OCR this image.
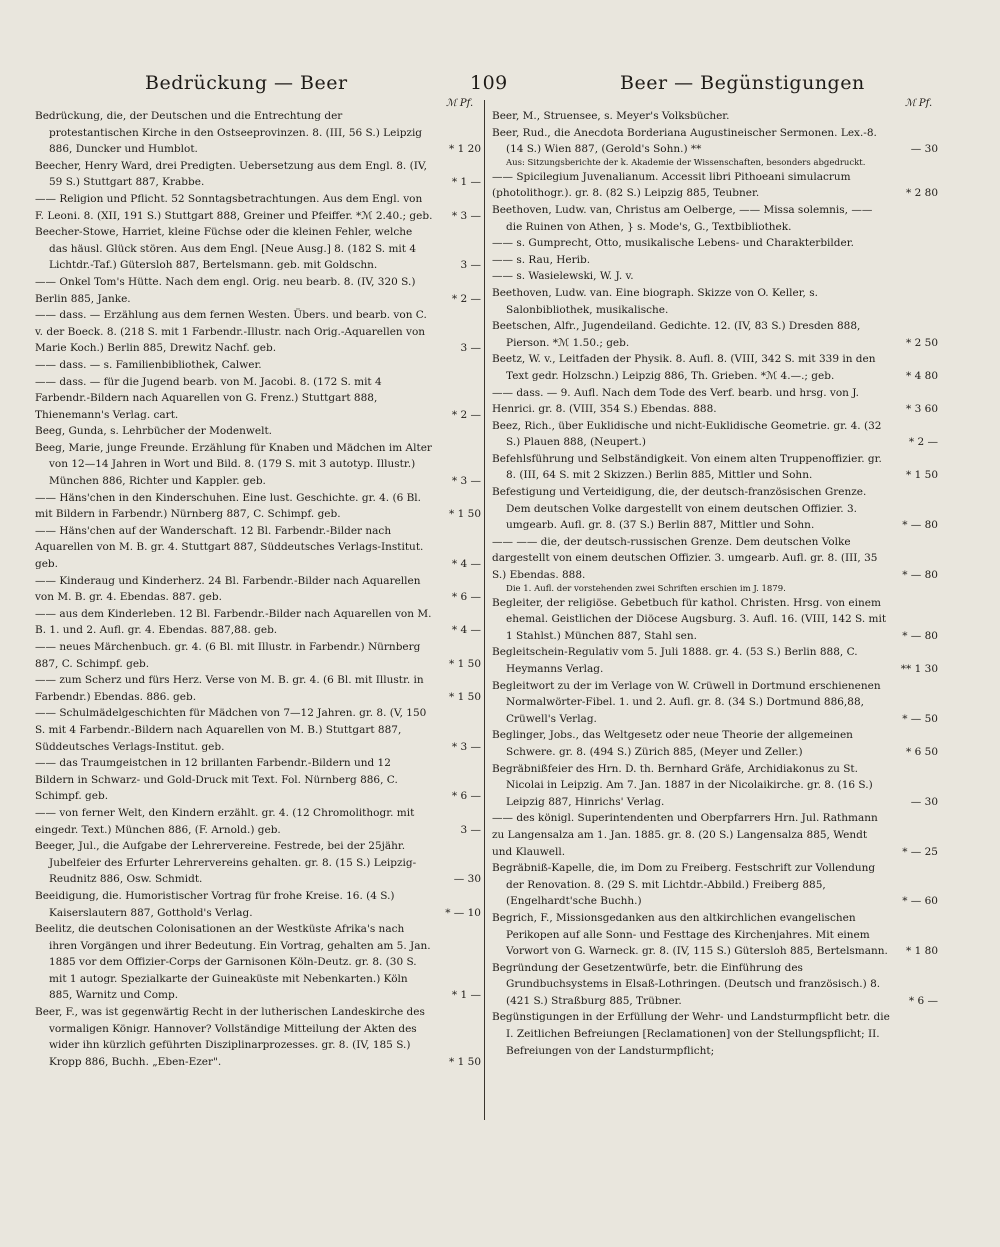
Bedrückung — Beer	109	Beer — Begünstigungen
ℳ Pf.	ℳ Pf.
Bedrückung, die, der Deutschen und die Entrechtung der protestantischen Kirche in den Ostseeprovinzen. 8. (III, 56 S.) Leipzig 886, Duncker und Humblot.	* 1 20
Beecher, Henry Ward, drei Predigten. Uebersetzung aus dem Engl. 8. (IV, 59 S.) Stuttgart 887, Krabbe.	* 1 —
—— Religion und Pflicht. 52 Sonntagsbetrachtungen. Aus dem Engl. von F. Leoni. 8. (XII, 191 S.) Stuttgart 888, Greiner und Pfeiffer. *ℳ 2.40.; geb.	* 3 —
Beecher-Stowe, Harriet, kleine Füchse oder die kleinen Fehler, welche das häusl. Glück stören. Aus dem Engl. [Neue Ausg.] 8. (182 S. mit 4 Lichtdr.-Taf.) Gütersloh 887, Bertelsmann. geb. mit Goldschn.	3 —
—— Onkel Tom's Hütte. Nach dem engl. Orig. neu bearb. 8. (IV, 320 S.) Berlin 885, Janke.	* 2 —
—— dass. — Erzählung aus dem fernen Westen. Übers. und bearb. von C. v. der Boeck. 8. (218 S. mit 1 Farbendr.-Illustr. nach Orig.-Aquarellen von Marie Koch.) Berlin 885, Drewitz Nachf. geb.	3 —
—— dass. — s. Familienbibliothek, Calwer.
—— dass. — für die Jugend bearb. von M. Jacobi. 8. (172 S. mit 4 Farbendr.-Bildern nach Aquarellen von G. Frenz.) Stuttgart 888, Thienemann's Verlag. cart.	* 2 —
Beeg, Gunda, s. Lehrbücher der Modenwelt.
Beeg, Marie, junge Freunde. Erzählung für Knaben und Mädchen im Alter von 12—14 Jahren in Wort und Bild. 8. (179 S. mit 3 autotyp. Illustr.) München 886, Richter und Kappler. geb.	* 3 —
—— Häns'chen in den Kinderschuhen. Eine lust. Geschichte. gr. 4. (6 Bl. mit Bildern in Farbendr.) Nürnberg 887, C. Schimpf. geb.	* 1 50
—— Häns'chen auf der Wanderschaft. 12 Bl. Farbendr.-Bilder nach Aquarellen von M. B. gr. 4. Stuttgart 887, Süddeutsches Verlags-Institut. geb.	* 4 —
—— Kinderaug und Kinderherz. 24 Bl. Farbendr.-Bilder nach Aquarellen von M. B. gr. 4. Ebendas. 887. geb.	* 6 —
—— aus dem Kinderleben. 12 Bl. Farbendr.-Bilder nach Aquarellen von M. B. 1. und 2. Aufl. gr. 4. Ebendas. 887,88. geb.	* 4 —
—— neues Märchenbuch. gr. 4. (6 Bl. mit Illustr. in Farbendr.) Nürnberg 887, C. Schimpf. geb.	* 1 50
—— zum Scherz und fürs Herz. Verse von M. B. gr. 4. (6 Bl. mit Illustr. in Farbendr.) Ebendas. 886. geb.	* 1 50
—— Schulmädelgeschichten für Mädchen von 7—12 Jahren. gr. 8. (V, 150 S. mit 4 Farbendr.-Bildern nach Aquarellen von M. B.) Stuttgart 887, Süddeutsches Verlags-Institut. geb.	* 3 —
—— das Traumgeistchen in 12 brillanten Farbendr.-Bildern und 12 Bildern in Schwarz- und Gold-Druck mit Text. Fol. Nürnberg 886, C. Schimpf. geb.	* 6 —
—— von ferner Welt, den Kindern erzählt. gr. 4. (12 Chromolithogr. mit eingedr. Text.) München 886, (F. Arnold.) geb.	3 —
Beeger, Jul., die Aufgabe der Lehrervereine. Festrede, bei der 25jähr. Jubelfeier des Erfurter Lehrervereins gehalten. gr. 8. (15 S.) Leipzig-Reudnitz 886, Osw. Schmidt.	— 30
Beeidigung, die. Humoristischer Vortrag für frohe Kreise. 16. (4 S.) Kaiserslautern 887, Gotthold's Verlag.	* — 10
Beelitz, die deutschen Colonisationen an der Westküste Afrika's nach ihren Vorgängen und ihrer Bedeutung. Ein Vortrag, gehalten am 5. Jan. 1885 vor dem Offizier-Corps der Garnisonen Köln-Deutz. gr. 8. (30 S. mit 1 autogr. Spezialkarte der Guineaküste mit Nebenkarten.) Köln 885, Warnitz und Comp.	* 1 —
Beer, F., was ist gegenwärtig Recht in der lutherischen Landeskirche des vormaligen Königr. Hannover? Vollständige Mitteilung der Akten des wider ihn kürzlich geführten Disziplinarprozesses. gr. 8. (IV, 185 S.) Kropp 886, Buchh. „Eben-Ezer".	* 1 50
Beer, M., Struensee, s. Meyer's Volksbücher.
Beer, Rud., die Anecdota Borderiana Augustineischer Sermonen. Lex.-8. (14 S.) Wien 887, (Gerold's Sohn.) **	— 30
Aus: Sitzungsberichte der k. Akademie der Wissenschaften, besonders abgedruckt.
—— Spicilegium Juvenalianum. Accessit libri Pithoeani simulacrum (photolithogr.). gr. 8. (82 S.) Leipzig 885, Teubner.	* 2 80
Beethoven, Ludw. van, Christus am Oelberge, —— Missa solemnis, —— die Ruinen von Athen, } s. Mode's, G., Textbibliothek.
—— s. Gumprecht, Otto, musikalische Lebens- und Charakterbilder.
—— s. Rau, Herib.
—— s. Wasielewski, W. J. v.
Beethoven, Ludw. van. Eine biograph. Skizze von O. Keller, s. Salonbibliothek, musikalische.
Beetschen, Alfr., Jugendeiland. Gedichte. 12. (IV, 83 S.) Dresden 888, Pierson. *ℳ 1.50.; geb.	* 2 50
Beetz, W. v., Leitfaden der Physik. 8. Aufl. 8. (VIII, 342 S. mit 339 in den Text gedr. Holzschn.) Leipzig 886, Th. Grieben. *ℳ 4.—.; geb.	* 4 80
—— dass. — 9. Aufl. Nach dem Tode des Verf. bearb. und hrsg. von J. Henrici. gr. 8. (VIII, 354 S.) Ebendas. 888.	* 3 60
Beez, Rich., über Euklidische und nicht-Euklidische Geometrie. gr. 4. (32 S.) Plauen 888, (Neupert.)	* 2 —
Befehlsführung und Selbständigkeit. Von einem alten Truppenoffizier. gr. 8. (III, 64 S. mit 2 Skizzen.) Berlin 885, Mittler und Sohn.	* 1 50
Befestigung und Verteidigung, die, der deutsch-französischen Grenze. Dem deutschen Volke dargestellt von einem deutschen Offizier. 3. umgearb. Aufl. gr. 8. (37 S.) Berlin 887, Mittler und Sohn.	* — 80
—— —— die, der deutsch-russischen Grenze. Dem deutschen Volke dargestellt von einem deutschen Offizier. 3. umgearb. Aufl. gr. 8. (III, 35 S.) Ebendas. 888.	* — 80
Die 1. Aufl. der vorstehenden zwei Schriften erschien im J. 1879.
Begleiter, der religiöse. Gebetbuch für kathol. Christen. Hrsg. von einem ehemal. Geistlichen der Diöcese Augsburg. 3. Aufl. 16. (VIII, 142 S. mit 1 Stahlst.) München 887, Stahl sen.	* — 80
Begleitschein-Regulativ vom 5. Juli 1888. gr. 4. (53 S.) Berlin 888, C. Heymanns Verlag.	** 1 30
Begleitwort zu der im Verlage von W. Crüwell in Dortmund erschienenen Normalwörter-Fibel. 1. und 2. Aufl. gr. 8. (34 S.) Dortmund 886,88, Crüwell's Verlag.	* — 50
Beglinger, Jobs., das Weltgesetz oder neue Theorie der allgemeinen Schwere. gr. 8. (494 S.) Zürich 885, (Meyer und Zeller.)	* 6 50
Begräbnißfeier des Hrn. D. th. Bernhard Gräfe, Archidiakonus zu St. Nicolai in Leipzig. Am 7. Jan. 1887 in der Nicolaikirche. gr. 8. (16 S.) Leipzig 887, Hinrichs' Verlag.	— 30
—— des königl. Superintendenten und Oberpfarrers Hrn. Jul. Rathmann zu Langensalza am 1. Jan. 1885. gr. 8. (20 S.) Langensalza 885, Wendt und Klauwell.	* — 25
Begräbniß-Kapelle, die, im Dom zu Freiberg. Festschrift zur Vollendung der Renovation. 8. (29 S. mit Lichtdr.-Abbild.) Freiberg 885, (Engelhardt'sche Buchh.)	* — 60
Begrich, F., Missionsgedanken aus den altkirchlichen evangelischen Perikopen auf alle Sonn- und Festtage des Kirchenjahres. Mit einem Vorwort von G. Warneck. gr. 8. (IV, 115 S.) Gütersloh 885, Bertelsmann.	* 1 80
Begründung der Gesetzentwürfe, betr. die Einführung des Grundbuchsystems in Elsaß-Lothringen. (Deutsch und französisch.) 8. (421 S.) Straßburg 885, Trübner.	* 6 —
Begünstigungen in der Erfüllung der Wehr- und Landsturmpflicht betr. die I. Zeitlichen Befreiungen [Reclamationen] von der Stellungspflicht; II. Befreiungen von der Landsturmpflicht;
